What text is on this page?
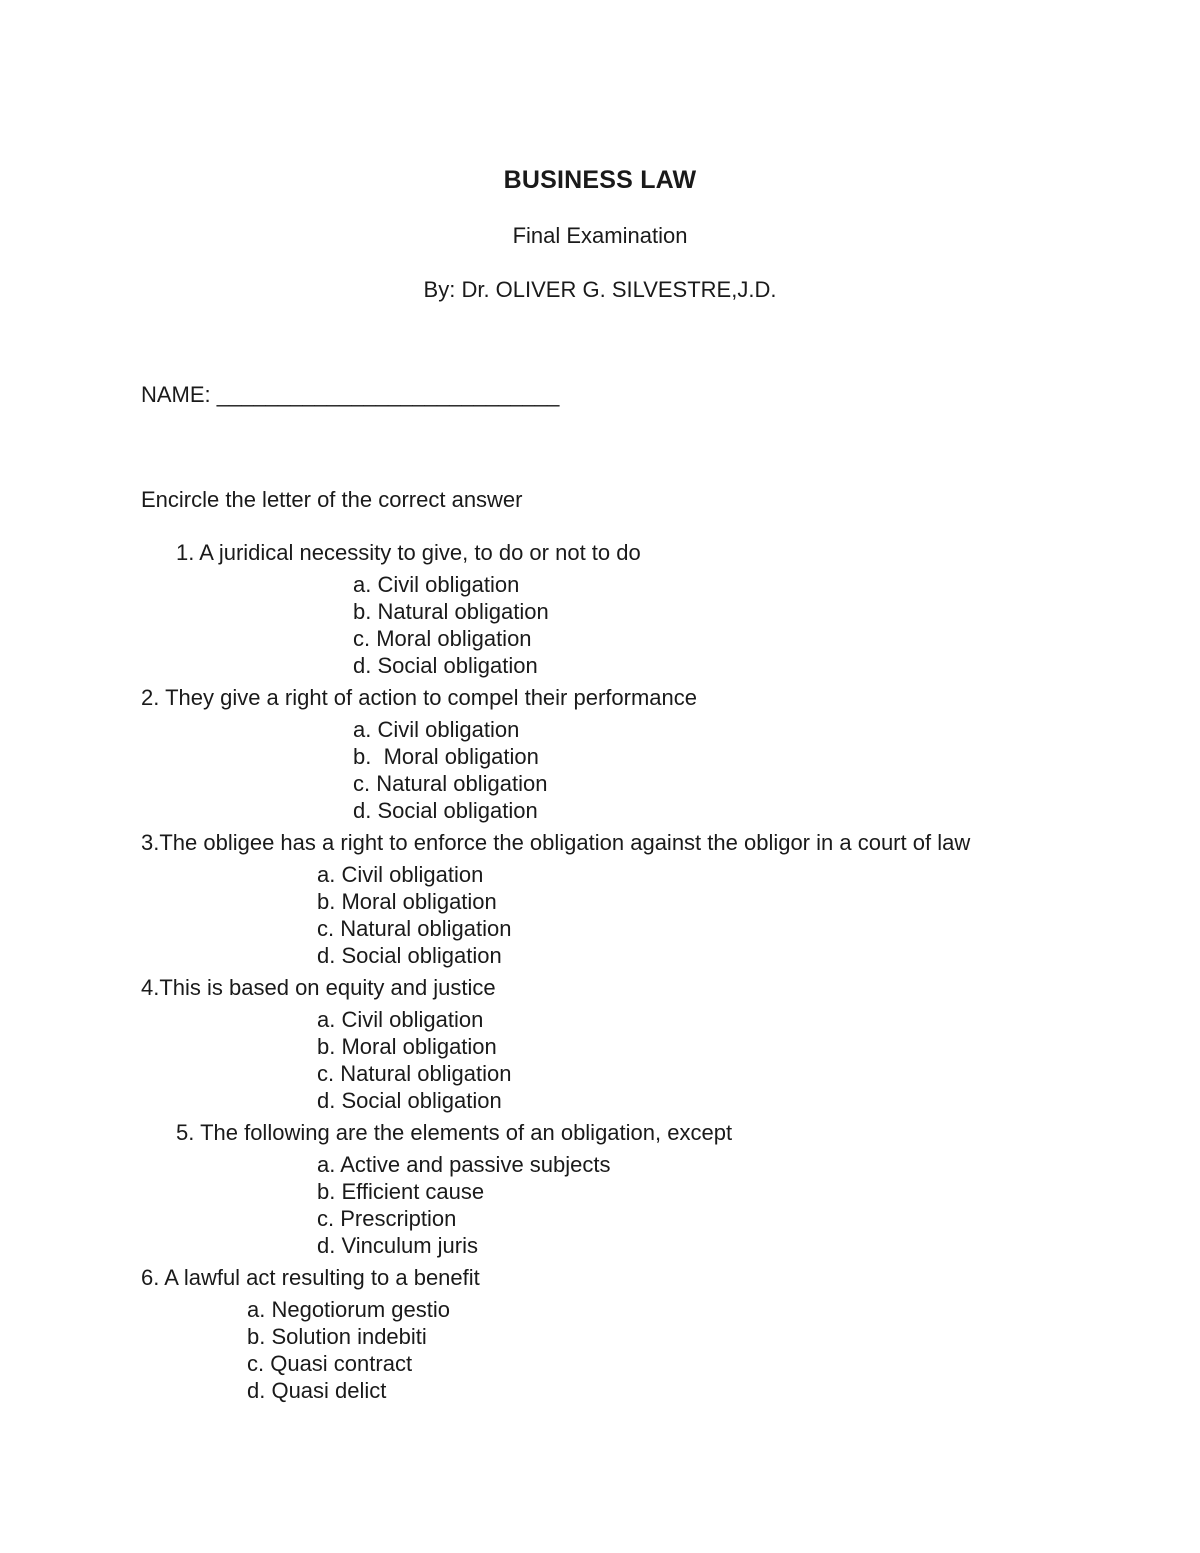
BUSINESS LAW
Final Examination
By: Dr. OLIVER G. SILVESTRE,J.D.
NAME: ____________________________
Encircle the letter of the correct answer
1. A juridical necessity to give, to do or not to do
a. Civil obligation
b. Natural obligation
c. Moral obligation
d. Social obligation
2. They give a right of action to compel their performance
a. Civil obligation
b.  Moral obligation
c. Natural obligation
d. Social obligation
3.The obligee has a right to enforce the obligation against the obligor in a court of law
a. Civil obligation
b. Moral obligation
c. Natural obligation
d. Social obligation
4.This is based on equity and justice
a. Civil obligation
b. Moral obligation
c. Natural obligation
d. Social obligation
5. The following are the elements of an obligation, except
a. Active and passive subjects
b. Efficient cause
c. Prescription
d. Vinculum juris
6. A lawful act resulting to a benefit
a. Negotiorum gestio
b. Solution indebiti
c. Quasi contract
d. Quasi delict
